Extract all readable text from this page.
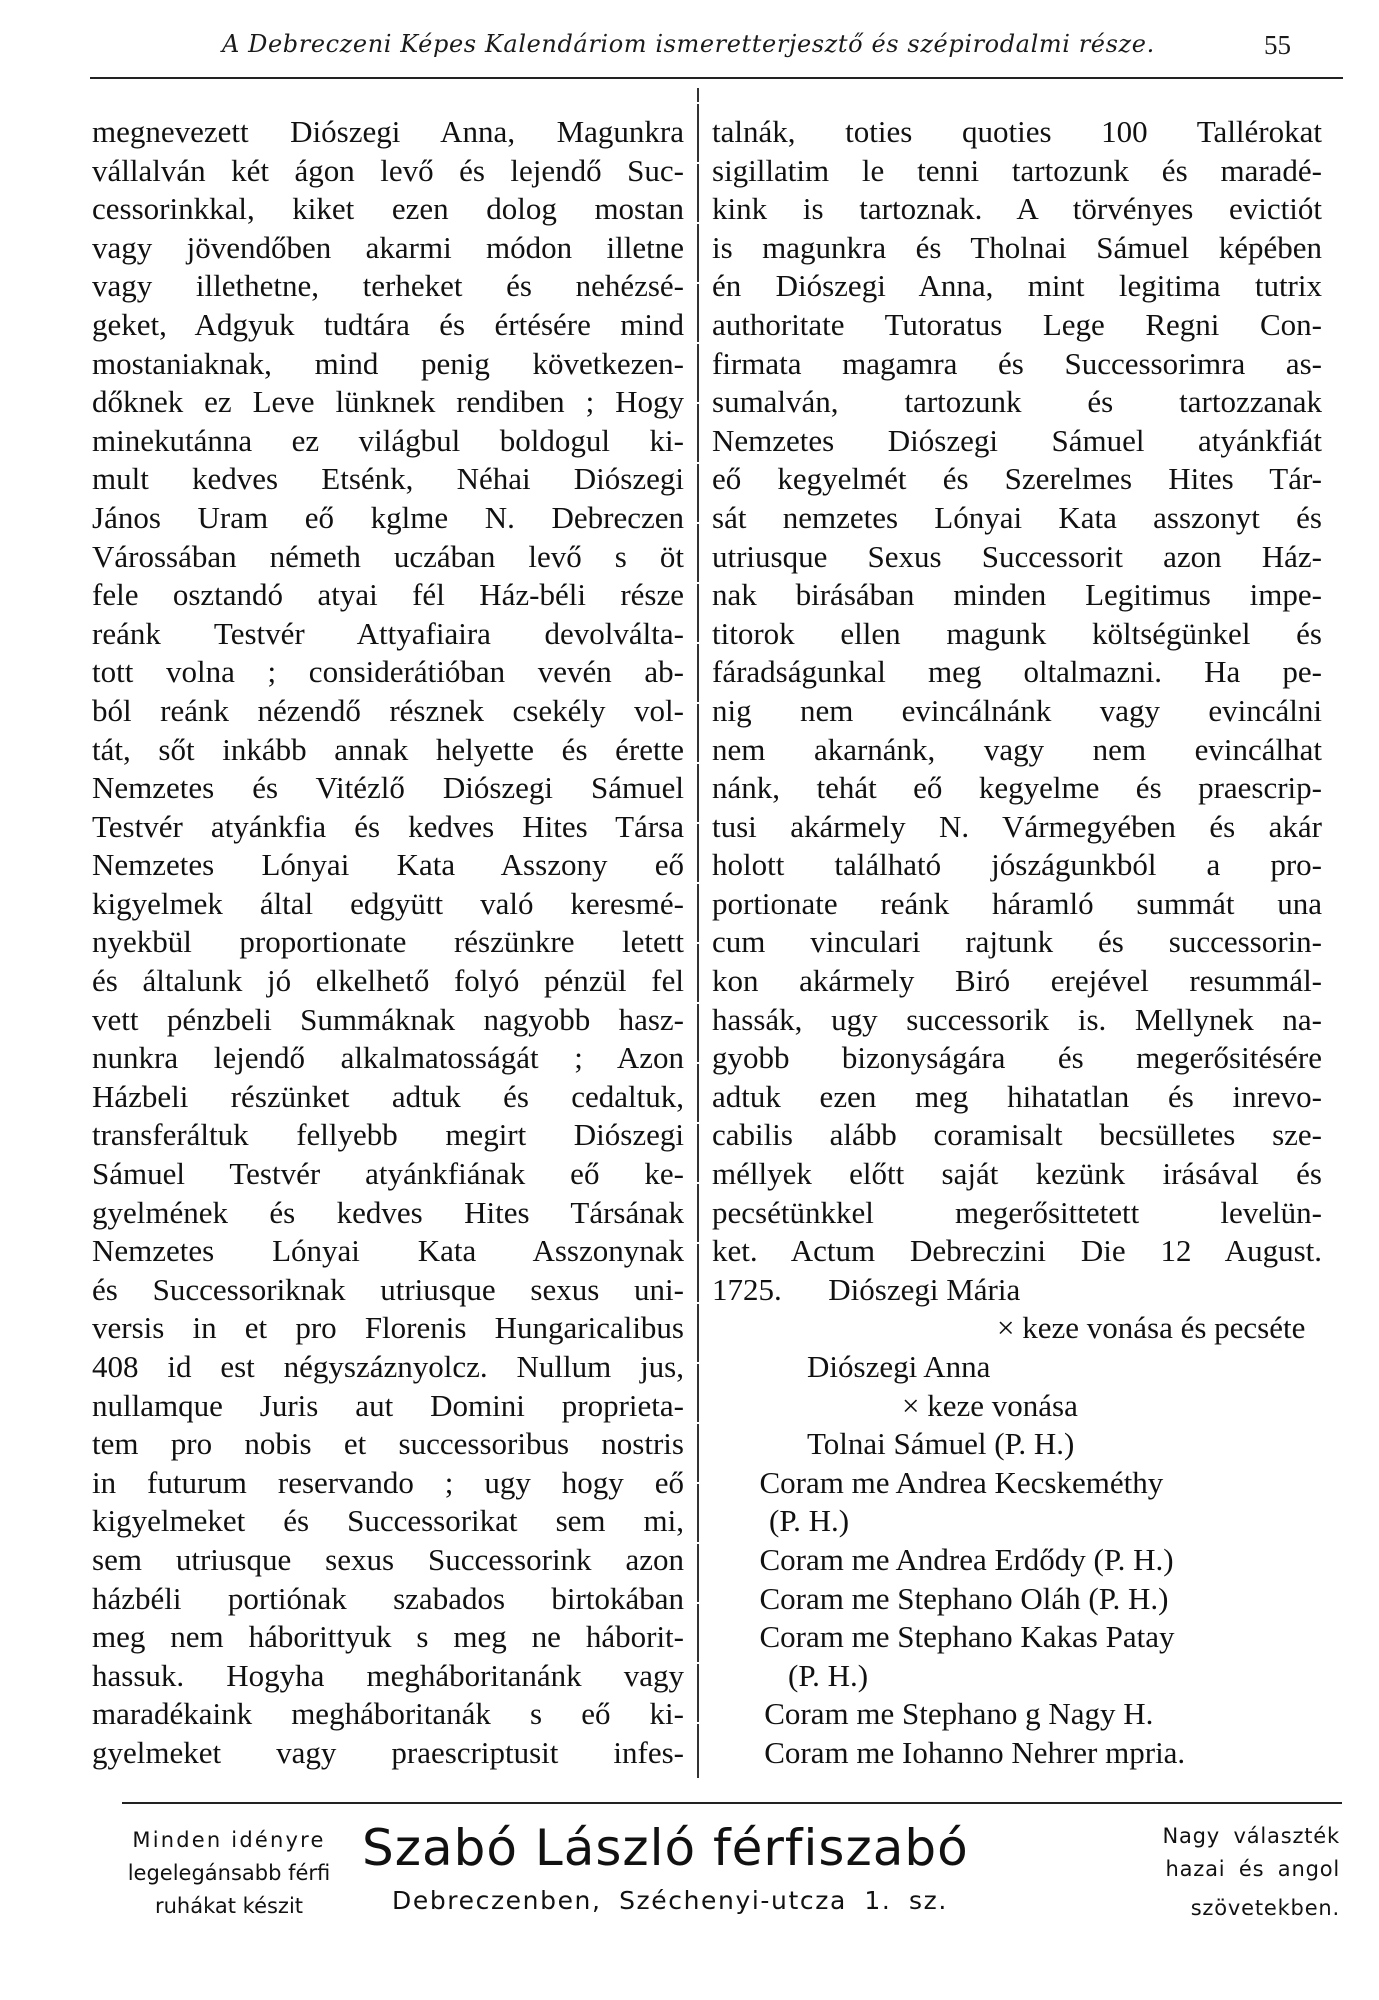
A Debreczeni Képes Kalendáriom ismeretterjesztő és szépirodalmi része.	55
megnevezett Diószegi Anna, Magunkra
vállalván két ágon levő és lejendő Suc-
cessorinkkal, kiket ezen dolog mostan
vagy jövendőben akarmi módon illetne
vagy illethetne, terheket és nehézsé-
geket, Adgyuk tudtára és értésére mind
mostaniaknak, mind penig következen-
dőknek ez Leve lünknek rendiben ; Hogy
minekutánna ez világbul boldogul ki-
mult kedves Etsénk, Néhai Diószegi
János Uram eő kglme N. Debreczen
Várossában németh uczában levő s öt
fele osztandó atyai fél Ház-béli része
reánk Testvér Attyafiaira devolválta-
tott volna ; considerátióban vevén ab-
ból reánk nézendő résznek csekély vol-
tát, sőt inkább annak helyette és érette
Nemzetes és Vitézlő Diószegi Sámuel
Testvér atyánkfia és kedves Hites Társa
Nemzetes Lónyai Kata Asszony eő
kigyelmek által edgyütt való keresmé-
nyekbül proportionate részünkre letett
és általunk jó elkelhető folyó pénzül fel
vett pénzbeli Summáknak nagyobb hasz-
nunkra lejendő alkalmatosságát ; Azon
Házbeli részünket adtuk és cedaltuk,
transferáltuk fellyebb megirt Diószegi
Sámuel Testvér atyánkfiának eő ke-
gyelmének és kedves Hites Társának
Nemzetes Lónyai Kata Asszonynak
és Successoriknak utriusque sexus uni-
versis in et pro Florenis Hungaricalibus
408 id est négyszáznyolcz. Nullum jus,
nullamque Juris aut Domini proprieta-
tem pro nobis et successoribus nostris
in futurum reservando ; ugy hogy eő
kigyelmeket és Successorikat sem mi,
sem utriusque sexus Successorink azon
házbéli portiónak szabados birtokában
meg nem háborittyuk s meg ne háborit-
hassuk. Hogyha megháboritanánk vagy
maradékaink megháboritanák s eő ki-
gyelmeket vagy praescriptusit infes-
talnák, toties quoties 100 Tallérokat
sigillatim le tenni tartozunk és maradé-
kink is tartoznak. A törvényes evictiót
is magunkra és Tholnai Sámuel képében
én Diószegi Anna, mint legitima tutrix
authoritate Tutoratus Lege Regni Con-
firmata magamra és Successorimra as-
sumalván, tartozunk és tartozzanak
Nemzetes Diószegi Sámuel atyánkfiát
eő kegyelmét és Szerelmes Hites Tár-
sát nemzetes Lónyai Kata asszonyt és
utriusque Sexus Successorit azon Ház-
nak birásában minden Legitimus impe-
titorok ellen magunk költségünkel és
fáradságunkal meg oltalmazni. Ha pe-
nig nem evincálnánk vagy evincálni
nem akarnánk, vagy nem evincálhat
nánk, tehát eő kegyelme és praescrip-
tusi akármely N. Vármegyében és akár
holott található jószágunkból a pro-
portionate reánk háramló summát una
cum vinculari rajtunk és successorin-
kon akármely Biró erejével resummál-
hassák, ugy successorik is. Mellynek na-
gyobb bizonyságára és megerősitésére
adtuk ezen meg hihatatlan és inrevo-
cabilis alább coramisalt becsülletes sze-
méllyek előtt saját kezünk irásával és
pecsétünkkel megerősittetett levelün-
ket. Actum Debreczini Die 12 August.
1725.      Diószegi Mária
× keze vonása és pecséte
Diószegi Anna
× keze vonása
Tolnai Sámuel (P. H.)
Coram me Andrea Kecskeméthy
(P. H.)
Coram me Andrea Erdődy (P. H.)
Coram me Stephano Oláh (P. H.)
Coram me Stephano Kakas Patay
(P. H.)
Coram me Stephano g Nagy H.
Coram me Iohanno Nehrer mpria.
Minden idényre
legelegánsabb férfi
ruhákat készit
Szabó László férfiszabó
Debreczenben, Széchenyi-utcza 1. sz.
Nagy választék
hazai és angol
szövetekben.
